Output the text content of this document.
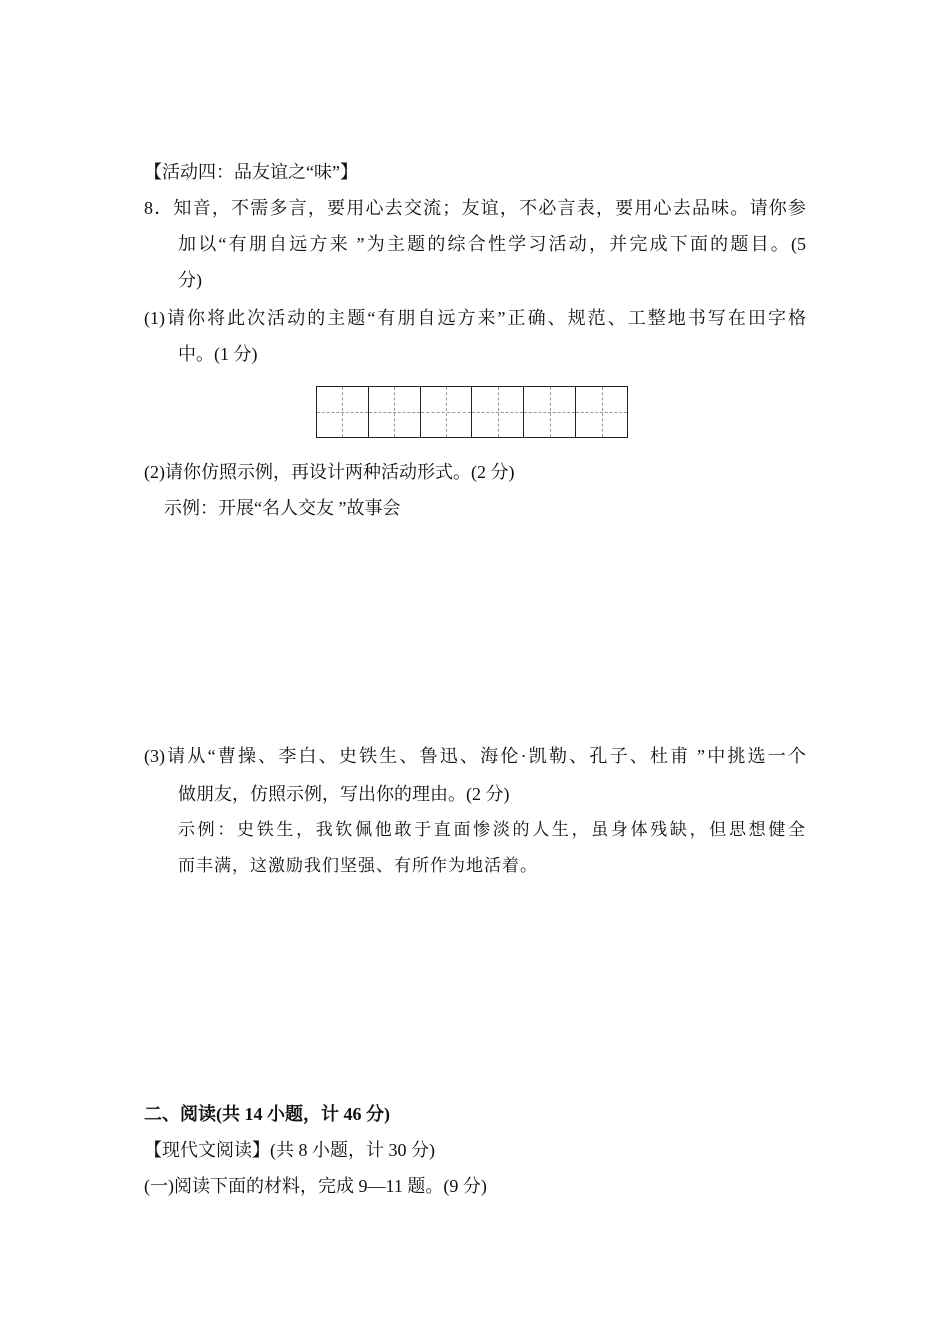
【活动四：品友谊之“味”】
8．知音，不需多言，要用心去交流；友谊，不必言表，要用心去品味。请你参
加以“有朋自远方来 ”为主题的综合性学习活动，并完成下面的题目。(5
分)
(1)请你将此次活动的主题“有朋自远方来”正确、规范、工整地书写在田字格
中。(1 分)
(2)请你仿照示例，再设计两种活动形式。(2 分)
示例：开展“名人交友 ”故事会
(3)请从“曹操、李白、史铁生、鲁迅、海伦·凯勒、孔子、杜甫 ”中挑选一个
做朋友，仿照示例，写出你的理由。(2 分)
示例：史铁生，我钦佩他敢于直面惨淡的人生，虽身体残缺，但思想健全
而丰满，这激励我们坚强、有所作为地活着。
二、阅读(共 14 小题，计 46 分)
【现代文阅读】(共 8 小题，计 30 分)
(一)阅读下面的材料，完成 9—11 题。(9 分)
